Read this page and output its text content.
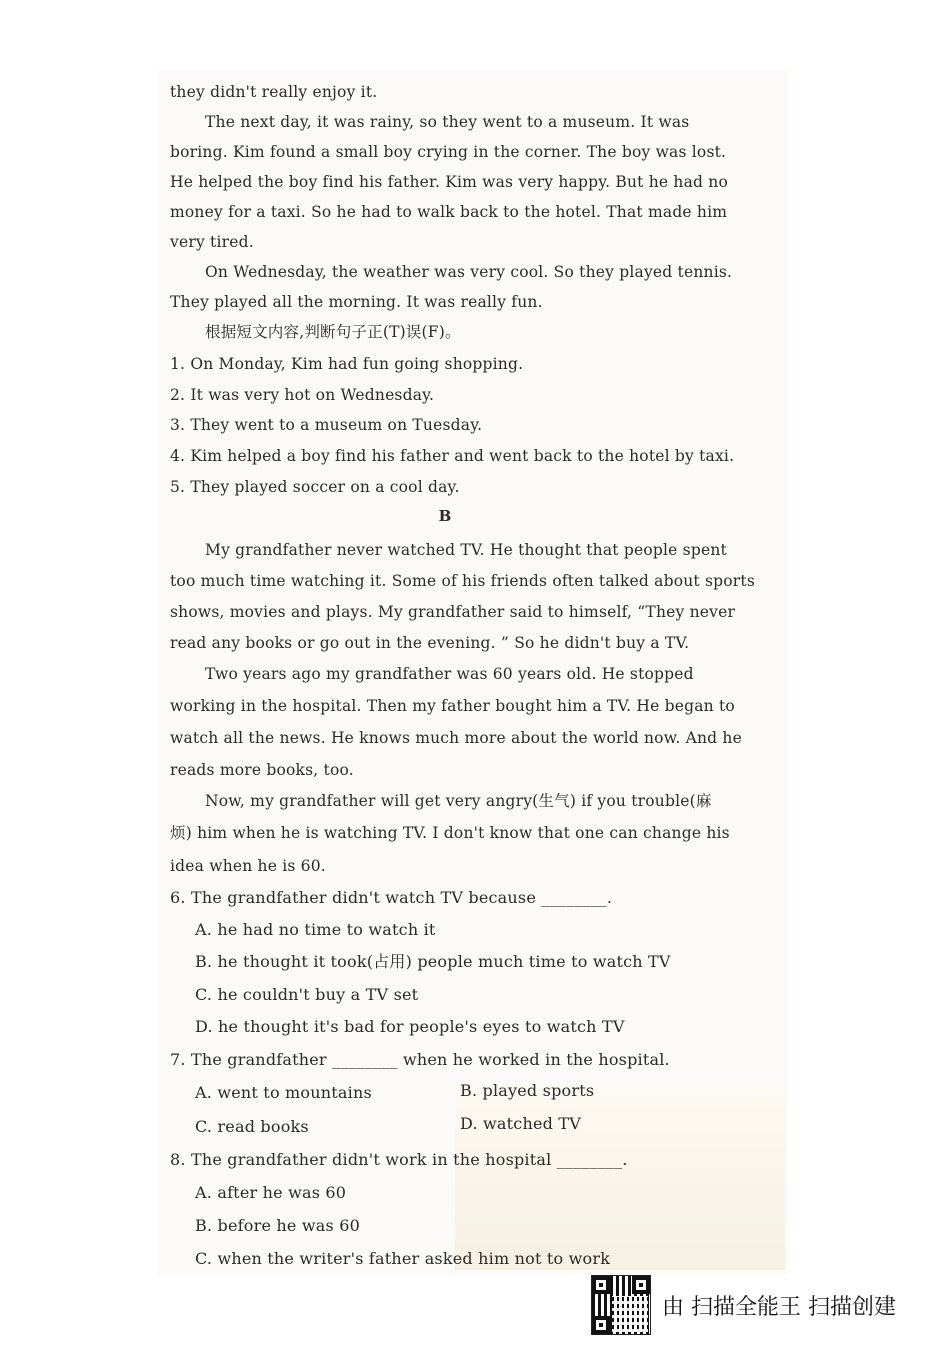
they didn't really enjoy it.
The next day, it was rainy, so they went to a museum. It was
boring. Kim found a small boy crying in the corner. The boy was lost.
He helped the boy find his father. Kim was very happy. But he had no
money for a taxi. So he had to walk back to the hotel. That made him
very tired.
On Wednesday, the weather was very cool. So they played tennis.
They played all the morning. It was really fun.
根据短文内容,判断句子正(T)误(F)。
1. On Monday, Kim had fun going shopping.
2. It was very hot on Wednesday.
3. They went to a museum on Tuesday.
4. Kim helped a boy find his father and went back to the hotel by taxi.
5. They played soccer on a cool day.
B
My grandfather never watched TV. He thought that people spent
too much time watching it. Some of his friends often talked about sports
shows, movies and plays. My grandfather said to himself, “They never
read any books or go out in the evening. ” So he didn't buy a TV.
Two years ago my grandfather was 60 years old. He stopped
working in the hospital. Then my father bought him a TV. He began to
watch all the news. He knows much more about the world now. And he
reads more books, too.
Now, my grandfather will get very angry(生气) if you trouble(麻
烦) him when he is watching TV. I don't know that one can change his
idea when he is 60.
6. The grandfather didn't watch TV because ________.
A. he had no time to watch it
B. he thought it took(占用) people much time to watch TV
C. he couldn't buy a TV set
D. he thought it's bad for people's eyes to watch TV
7. The grandfather ________ when he worked in the hospital.
A. went to mountains	B. played sports
C. read books	D. watched TV
8. The grandfather didn't work in the hospital ________.
A. after he was 60
B. before he was 60
C. when the writer's father asked him not to work
由 扫描全能王 扫描创建
